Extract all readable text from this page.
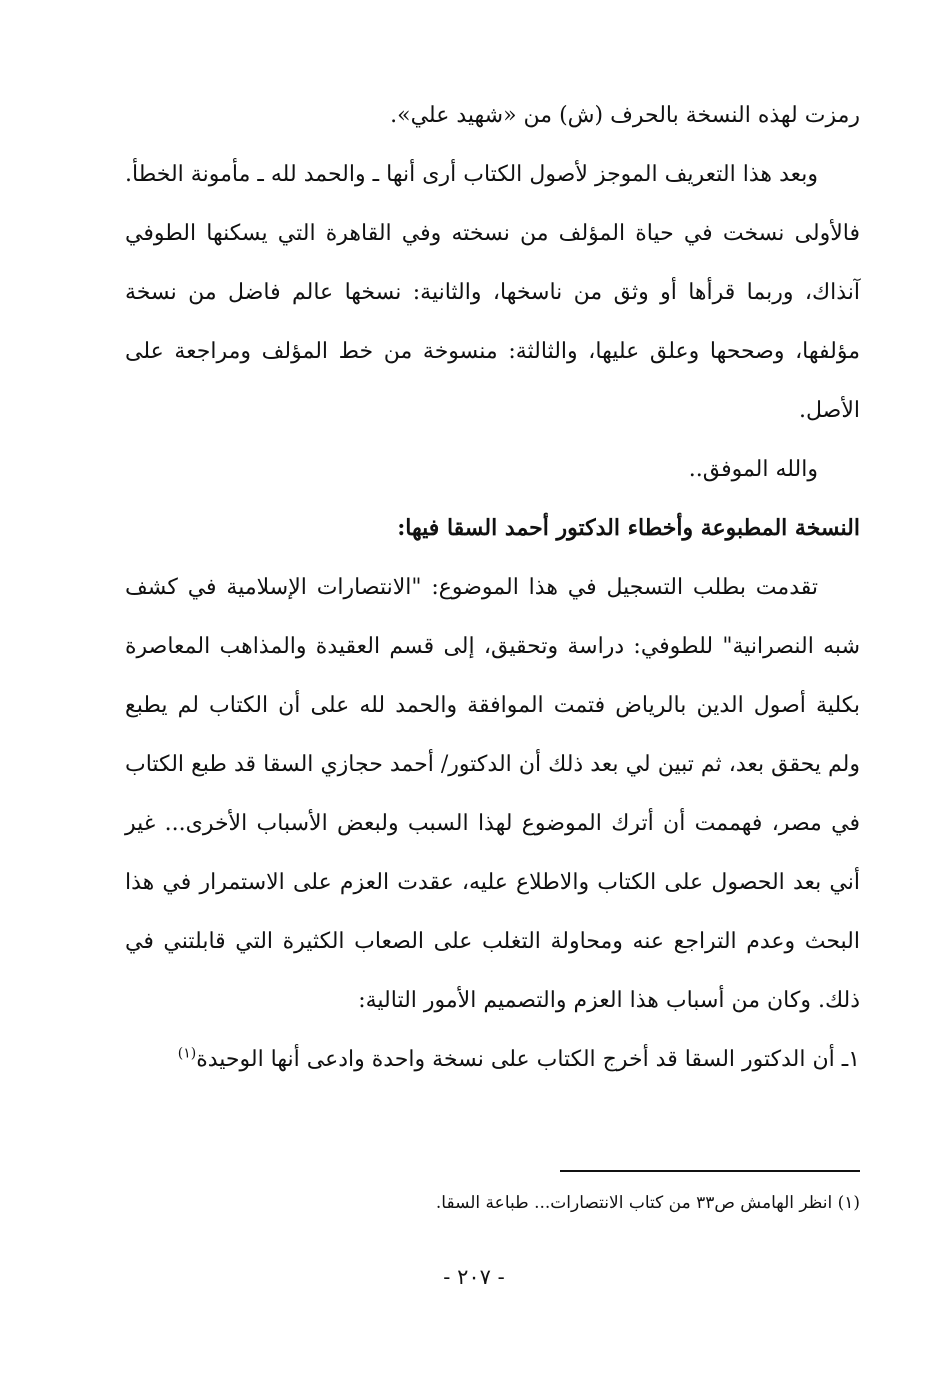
رمزت لهذه النسخة بالحرف (ش) من «شهيد علي».

وبعد هذا التعريف الموجز لأصول الكتاب أرى أنها ـ والحمد لله ـ مأمونة الخطأ. فالأولى نسخت في حياة المؤلف من نسخته وفي القاهرة التي يسكنها الطوفي آنذاك، وربما قرأها أو وثق من ناسخها، والثانية: نسخها عالم فاضل من نسخة مؤلفها، وصححها وعلق عليها، والثالثة: منسوخة من خط المؤلف ومراجعة على الأصل.

والله الموفق..

النسخة المطبوعة وأخطاء الدكتور أحمد السقا فيها:

تقدمت بطلب التسجيل في هذا الموضوع: "الانتصارات الإسلامية في كشف شبه النصرانية" للطوفي: دراسة وتحقيق، إلى قسم العقيدة والمذاهب المعاصرة بكلية أصول الدين بالرياض فتمت الموافقة والحمد لله على أن الكتاب لم يطبع ولم يحقق بعد، ثم تبين لي بعد ذلك أن الدكتور/ أحمد حجازي السقا قد طبع الكتاب في مصر، فهممت أن أترك الموضوع لهذا السبب ولبعض الأسباب الأخرى... غير أني بعد الحصول على الكتاب والاطلاع عليه، عقدت العزم على الاستمرار في هذا البحث وعدم التراجع عنه ومحاولة التغلب على الصعاب الكثيرة التي قابلتني في ذلك. وكان من أسباب هذا العزم والتصميم الأمور التالية:

١ـ أن الدكتور السقا قد أخرج الكتاب على نسخة واحدة وادعى أنها الوحيدة$^{(١)}$

(١) انظر الهامش ص٣٣ من كتاب الانتصارات... طباعة السقا.
- ٢٠٧ -
